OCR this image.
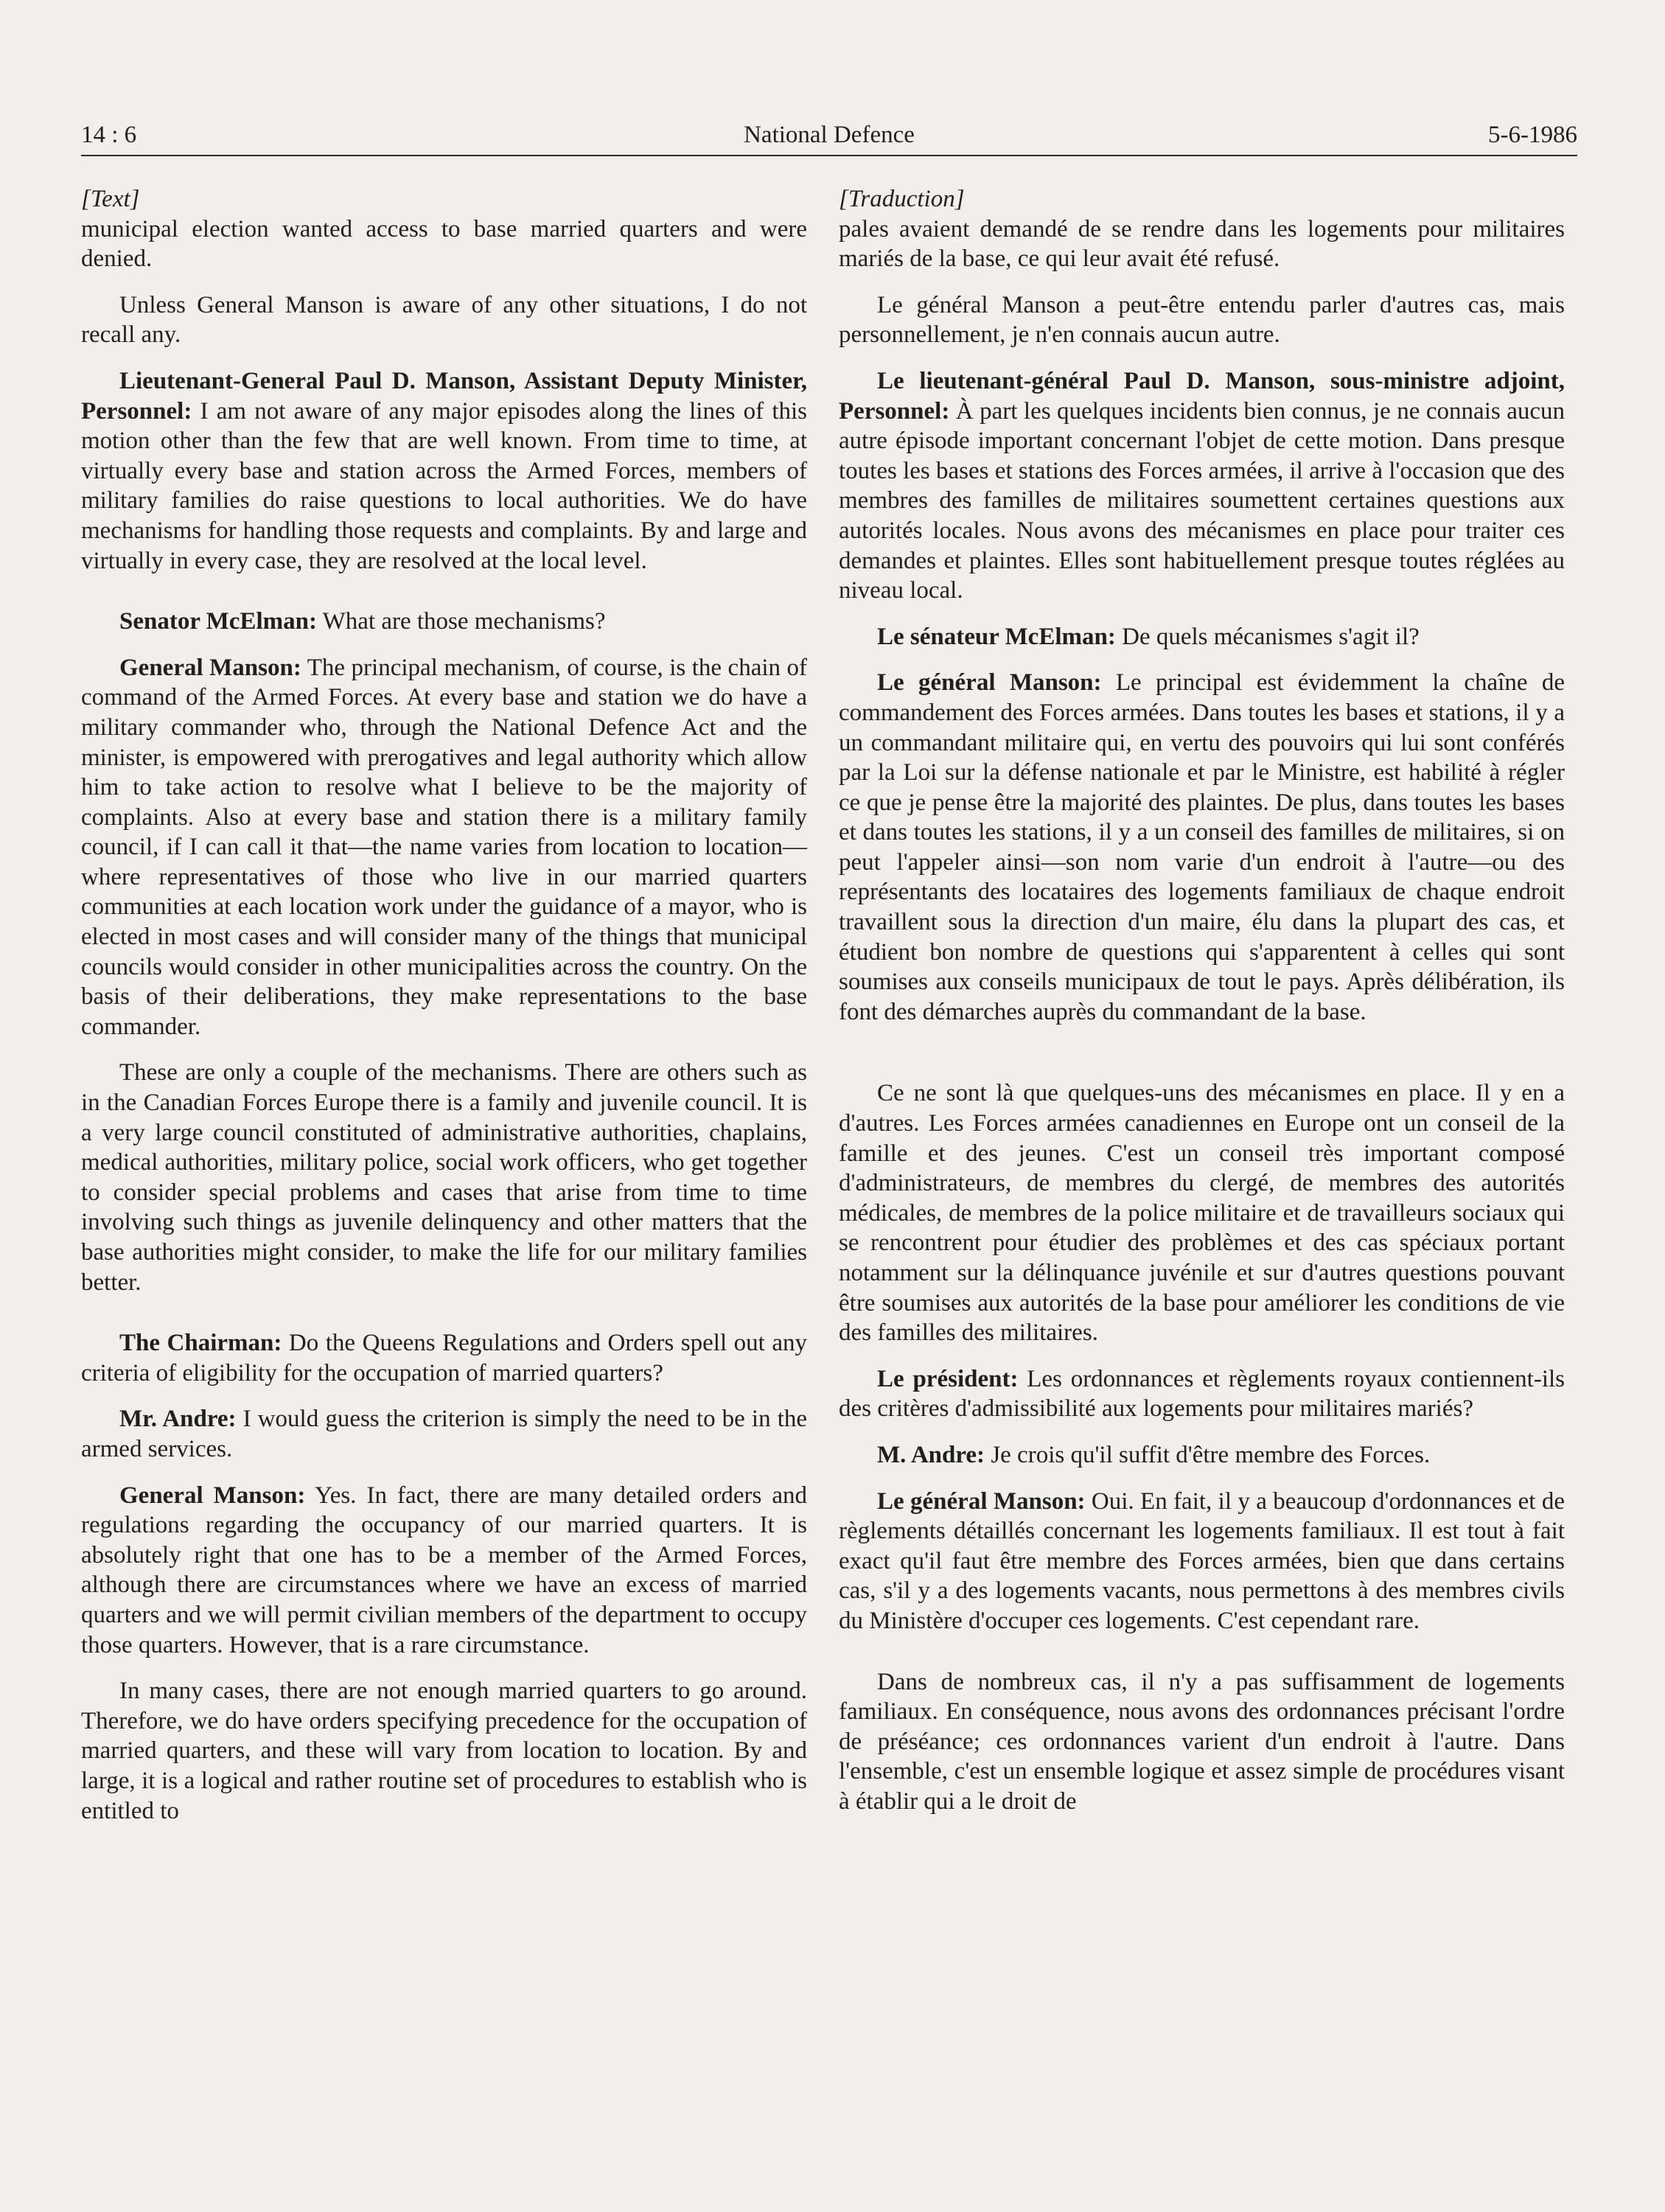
14 : 6	National Defence	5-6-1986
[Text]

municipal election wanted access to base married quarters and were denied.

Unless General Manson is aware of any other situations, I do not recall any.

Lieutenant-General Paul D. Manson, Assistant Deputy Minister, Personnel: I am not aware of any major episodes along the lines of this motion other than the few that are well known. From time to time, at virtually every base and station across the Armed Forces, members of military families do raise questions to local authorities. We do have mechanisms for handling those requests and complaints. By and large and virtually in every case, they are resolved at the local level.

Senator McElman: What are those mechanisms?

General Manson: The principal mechanism, of course, is the chain of command of the Armed Forces. At every base and station we do have a military commander who, through the National Defence Act and the minister, is empowered with prerogatives and legal authority which allow him to take action to resolve what I believe to be the majority of complaints. Also at every base and station there is a military family council, if I can call it that—the name varies from location to location—where representatives of those who live in our married quarters communities at each location work under the guidance of a mayor, who is elected in most cases and will consider many of the things that municipal councils would consider in other municipalities across the country. On the basis of their deliberations, they make representations to the base commander.

These are only a couple of the mechanisms. There are others such as in the Canadian Forces Europe there is a family and juvenile council. It is a very large council constituted of administrative authorities, chaplains, medical authorities, military police, social work officers, who get together to consider special problems and cases that arise from time to time involving such things as juvenile delinquency and other matters that the base authorities might consider, to make the life for our military families better.

The Chairman: Do the Queens Regulations and Orders spell out any criteria of eligibility for the occupation of married quarters?

Mr. Andre: I would guess the criterion is simply the need to be in the armed services.

General Manson: Yes. In fact, there are many detailed orders and regulations regarding the occupancy of our married quarters. It is absolutely right that one has to be a member of the Armed Forces, although there are circumstances where we have an excess of married quarters and we will permit civilian members of the department to occupy those quarters. However, that is a rare circumstance.

In many cases, there are not enough married quarters to go around. Therefore, we do have orders specifying precedence for the occupation of married quarters, and these will vary from location to location. By and large, it is a logical and rather routine set of procedures to establish who is entitled to

[Traduction]

pales avaient demandé de se rendre dans les logements pour militaires mariés de la base, ce qui leur avait été refusé.

Le général Manson a peut-être entendu parler d'autres cas, mais personnellement, je n'en connais aucun autre.

Le lieutenant-général Paul D. Manson, sous-ministre adjoint, Personnel: À part les quelques incidents bien connus, je ne connais aucun autre épisode important concernant l'objet de cette motion. Dans presque toutes les bases et stations des Forces armées, il arrive à l'occasion que des membres des familles de militaires soumettent certaines questions aux autorités locales. Nous avons des mécanismes en place pour traiter ces demandes et plaintes. Elles sont habituellement presque toutes réglées au niveau local.

Le sénateur McElman: De quels mécanismes s'agit il?

Le général Manson: Le principal est évidemment la chaîne de commandement des Forces armées. Dans toutes les bases et stations, il y a un commandant militaire qui, en vertu des pouvoirs qui lui sont conférés par la Loi sur la défense nationale et par le Ministre, est habilité à régler ce que je pense être la majorité des plaintes. De plus, dans toutes les bases et dans toutes les stations, il y a un conseil des familles de militaires, si on peut l'appeler ainsi—son nom varie d'un endroit à l'autre—ou des représentants des locataires des logements familiaux de chaque endroit travaillent sous la direction d'un maire, élu dans la plupart des cas, et étudient bon nombre de questions qui s'apparentent à celles qui sont soumises aux conseils municipaux de tout le pays. Après délibération, ils font des démarches auprès du commandant de la base.

Ce ne sont là que quelques-uns des mécanismes en place. Il y en a d'autres. Les Forces armées canadiennes en Europe ont un conseil de la famille et des jeunes. C'est un conseil très important composé d'administrateurs, de membres du clergé, de membres des autorités médicales, de membres de la police militaire et de travailleurs sociaux qui se rencontrent pour étudier des problèmes et des cas spéciaux portant notamment sur la délinquance juvénile et sur d'autres questions pouvant être soumises aux autorités de la base pour améliorer les conditions de vie des familles des militaires.

Le président: Les ordonnances et règlements royaux contiennent-ils des critères d'admissibilité aux logements pour militaires mariés?

M. Andre: Je crois qu'il suffit d'être membre des Forces.

Le général Manson: Oui. En fait, il y a beaucoup d'ordonnances et de règlements détaillés concernant les logements familiaux. Il est tout à fait exact qu'il faut être membre des Forces armées, bien que dans certains cas, s'il y a des logements vacants, nous permettons à des membres civils du Ministère d'occuper ces logements. C'est cependant rare.

Dans de nombreux cas, il n'y a pas suffisamment de logements familiaux. En conséquence, nous avons des ordonnances précisant l'ordre de préséance; ces ordonnances varient d'un endroit à l'autre. Dans l'ensemble, c'est un ensemble logique et assez simple de procédures visant à établir qui a le droit de
